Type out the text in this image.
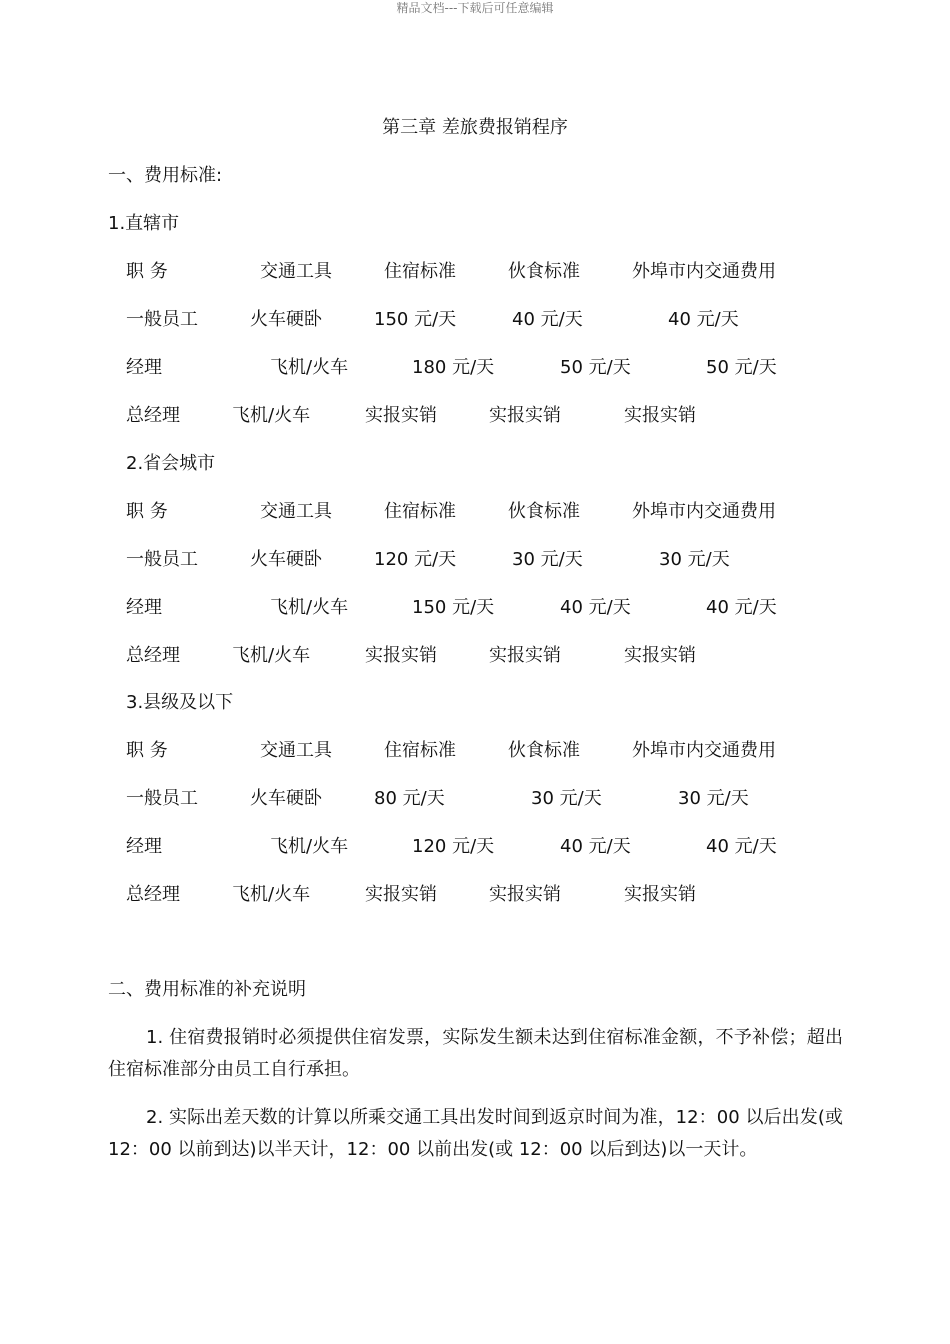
精品文档---下载后可任意编辑
第三章 差旅费报销程序
一、费用标准:
1.直辖市
职 务	交通工具	住宿标准	伙食标准	外埠市内交通费用
一般员工	火车硬卧	150 元/天	40 元/天	40 元/天
经理	飞机/火车	180 元/天	50 元/天	50 元/天
总经理	飞机/火车	实报实销	实报实销	实报实销
2.省会城市
职 务	交通工具	住宿标准	伙食标准	外埠市内交通费用
一般员工	火车硬卧	120 元/天	30 元/天	30 元/天
经理	飞机/火车	150 元/天	40 元/天	40 元/天
总经理	飞机/火车	实报实销	实报实销	实报实销
3.县级及以下
职 务	交通工具	住宿标准	伙食标准	外埠市内交通费用
一般员工	火车硬卧	80 元/天	30 元/天	30 元/天
经理	飞机/火车	120 元/天	40 元/天	40 元/天
总经理	飞机/火车	实报实销	实报实销	实报实销
二、费用标准的补充说明
1. 住宿费报销时必须提供住宿发票，实际发生额未达到住宿标准金额，不予补偿；超出住宿标准部分由员工自行承担。
2. 实际出差天数的计算以所乘交通工具出发时间到返京时间为准，12：00 以后出发(或 12：00 以前到达)以半天计，12：00 以前出发(或 12：00 以后到达)以一天计。
